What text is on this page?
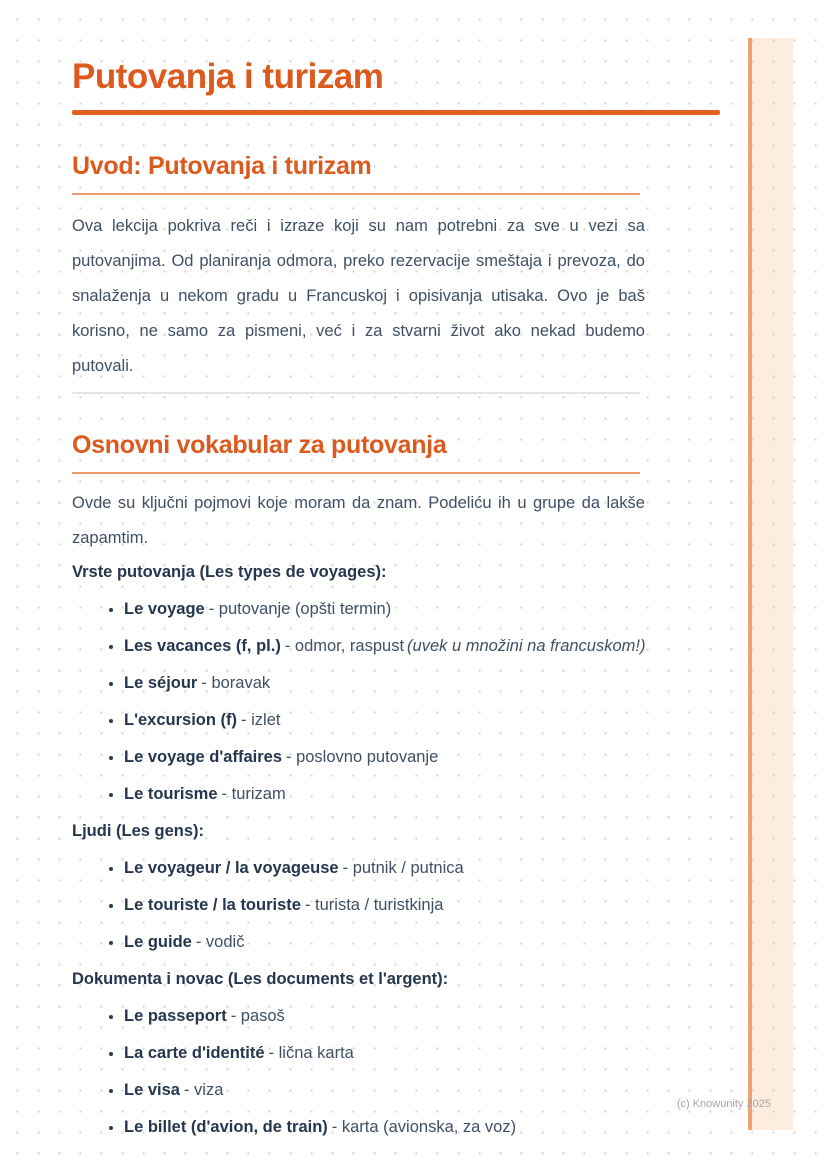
Putovanja i turizam
Uvod: Putovanja i turizam

Ova lekcija pokriva reči i izraze koji su nam potrebni za sve u vezi sa putovanjima. Od planiranja odmora, preko rezervacije smeštaja i prevoza, do snalaženja u nekom gradu u Francuskoj i opisivanja utisaka. Ovo je baš korisno, ne samo za pismeni, već i za stvarni život ako nekad budemo putovali.

Osnovni vokabular za putovanja

Ovde su ključni pojmovi koje moram da znam. Podeliću ih u grupe da lakše zapamtim.

Vrste putovanja (Les types de voyages):

• Le voyage - putovanje (opšti termin)
• Les vacances (f, pl.) - odmor, raspust (uvek u množini na francuskom!)
• Le séjour - boravak
• L'excursion (f) - izlet
• Le voyage d'affaires - poslovno putovanje
• Le tourisme - turizam

Ljudi (Les gens):

• Le voyageur / la voyageuse - putnik / putnica
• Le touriste / la touriste - turista / turistkinja
• Le guide - vodič

Dokumenta i novac (Les documents et l'argent):

• Le passeport - pasoš
• La carte d'identité - lična karta
• Le visa - viza
• Le billet (d'avion, de train) - karta (avionska, za voz)
(c) Knowunity 2025
